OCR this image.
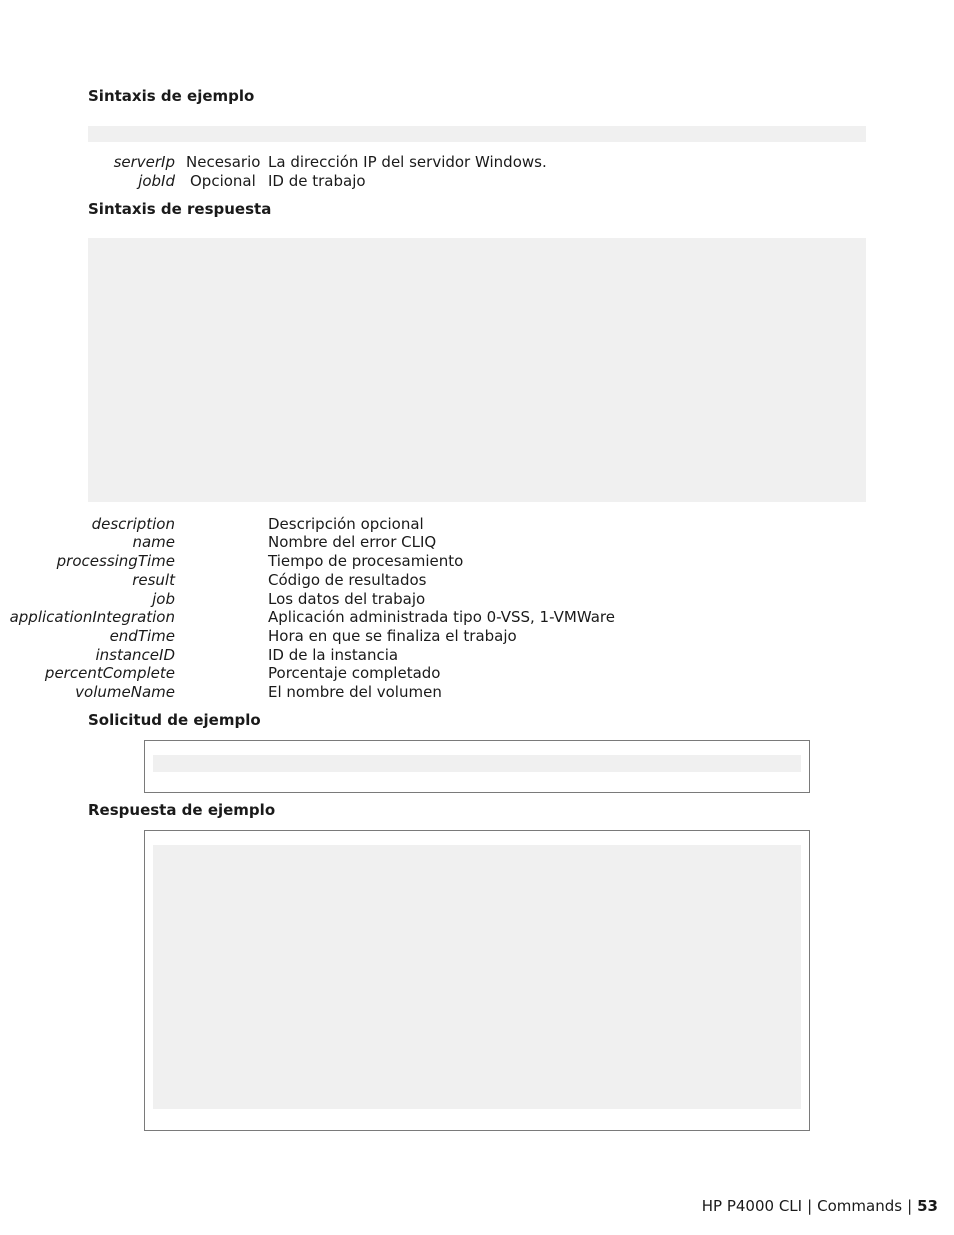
Sintaxis de ejemplo
serverIp Necesario La dirección IP del servidor Windows.
jobId Opcional ID de trabajo
Sintaxis de respuesta
description	Descripción opcional
name	Nombre del error CLIQ
processingTime	Tiempo de procesamiento
result	Código de resultados
job	Los datos del trabajo
applicationIntegration	Aplicación administrada tipo 0-VSS, 1-VMWare
endTime	Hora en que se finaliza el trabajo
instanceID	ID de la instancia
percentComplete	Porcentaje completado
volumeName	El nombre del volumen
Solicitud de ejemplo
Respuesta de ejemplo
HP P4000 CLI | Commands | 53
